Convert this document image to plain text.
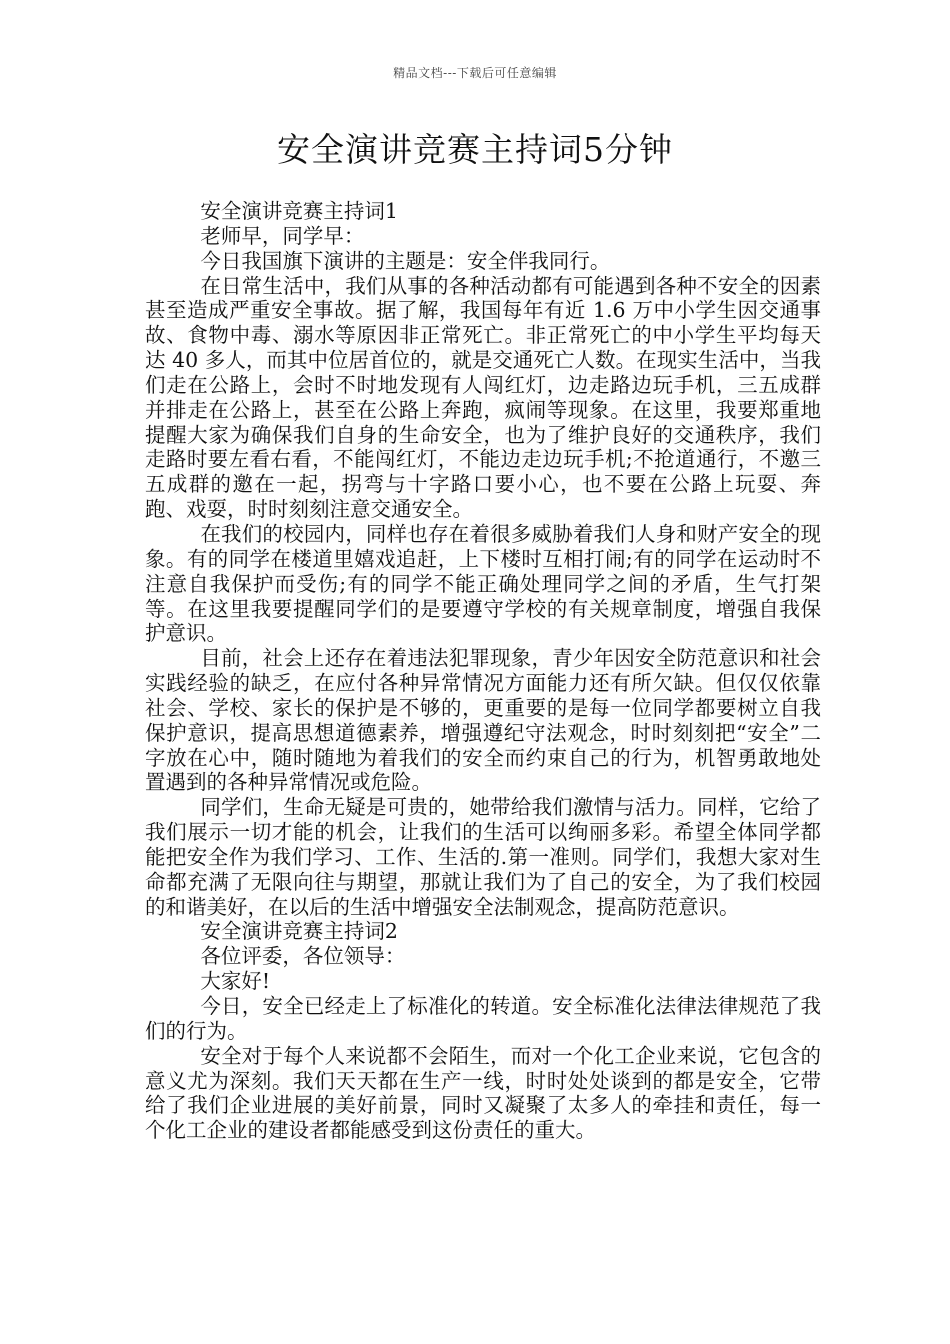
精品文档---下载后可任意编辑
安全演讲竞赛主持词5分钟

安全演讲竞赛主持词1

老师早，同学早：

今日我国旗下演讲的主题是：安全伴我同行。

在日常生活中，我们从事的各种活动都有可能遇到各种不安全的因素甚至造成严重安全事故。据了解，我国每年有近 1.6 万中小学生因交通事故、食物中毒、溺水等原因非正常死亡。非正常死亡的中小学生平均每天达 40 多人，而其中位居首位的，就是交通死亡人数。在现实生活中，当我们走在公路上，会时不时地发现有人闯红灯，边走路边玩手机，三五成群并排走在公路上，甚至在公路上奔跑，疯闹等现象。在这里，我要郑重地提醒大家为确保我们自身的生命安全，也为了维护良好的交通秩序，我们走路时要左看右看，不能闯红灯，不能边走边玩手机;不抢道通行，不邀三五成群的邀在一起，拐弯与十字路口要小心，也不要在公路上玩耍、奔跑、戏耍，时时刻刻注意交通安全。

在我们的校园内，同样也存在着很多威胁着我们人身和财产安全的现象。有的同学在楼道里嬉戏追赶，上下楼时互相打闹;有的同学在运动时不注意自我保护而受伤;有的同学不能正确处理同学之间的矛盾，生气打架等。在这里我要提醒同学们的是要遵守学校的有关规章制度，增强自我保护意识。

目前，社会上还存在着违法犯罪现象，青少年因安全防范意识和社会实践经验的缺乏，在应付各种异常情况方面能力还有所欠缺。但仅仅依靠社会、学校、家长的保护是不够的，更重要的是每一位同学都要树立自我保护意识，提高思想道德素养，增强遵纪守法观念，时时刻刻把“安全”二字放在心中，随时随地为着我们的安全而约束自己的行为，机智勇敢地处置遇到的各种异常情况或危险。

同学们，生命无疑是可贵的，她带给我们激情与活力。同样，它给了我们展示一切才能的机会，让我们的生活可以绚丽多彩。希望全体同学都能把安全作为我们学习、工作、生活的.第一准则。同学们，我想大家对生命都充满了无限向往与期望，那就让我们为了自己的安全，为了我们校园的和谐美好，在以后的生活中增强安全法制观念，提高防范意识。

安全演讲竞赛主持词2

各位评委，各位领导：

大家好!

今日，安全已经走上了标准化的转道。安全标准化法律法律规范了我们的行为。

安全对于每个人来说都不会陌生，而对一个化工企业来说，它包含的意义尤为深刻。我们天天都在生产一线，时时处处谈到的都是安全，它带给了我们企业进展的美好前景，同时又凝聚了太多人的牵挂和责任，每一个化工企业的建设者都能感受到这份责任的重大。
